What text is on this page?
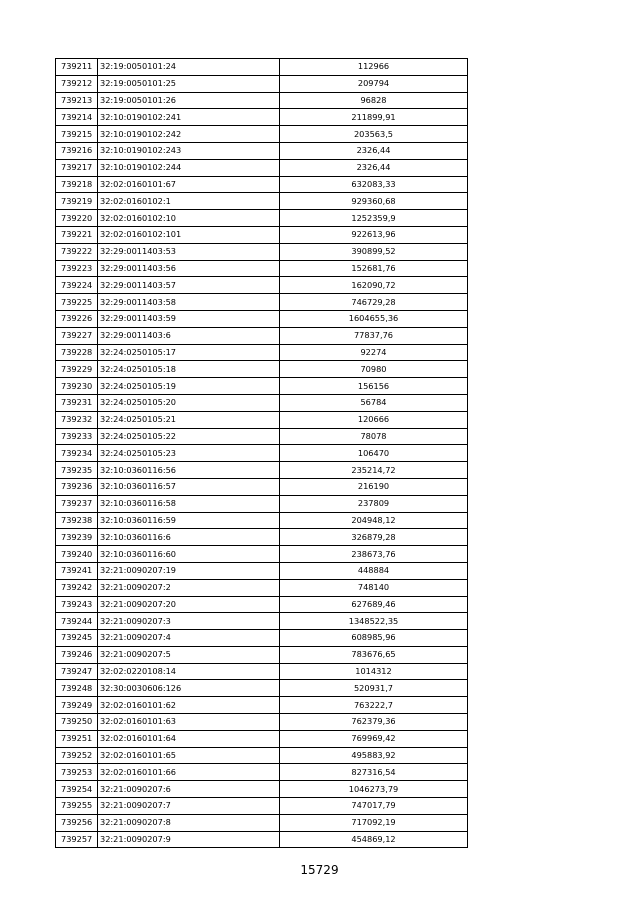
739211	32:19:0050101:24	112966
739212	32:19:0050101:25	209794
739213	32:19:0050101:26	96828
739214	32:10:0190102:241	211899,91
739215	32:10:0190102:242	203563,5
739216	32:10:0190102:243	2326,44
739217	32:10:0190102:244	2326,44
739218	32:02:0160101:67	632083,33
739219	32:02:0160102:1	929360,68
739220	32:02:0160102:10	1252359,9
739221	32:02:0160102:101	922613,96
739222	32:29:0011403:53	390899,52
739223	32:29:0011403:56	152681,76
739224	32:29:0011403:57	162090,72
739225	32:29:0011403:58	746729,28
739226	32:29:0011403:59	1604655,36
739227	32:29:0011403:6	77837,76
739228	32:24:0250105:17	92274
739229	32:24:0250105:18	70980
739230	32:24:0250105:19	156156
739231	32:24:0250105:20	56784
739232	32:24:0250105:21	120666
739233	32:24:0250105:22	78078
739234	32:24:0250105:23	106470
739235	32:10:0360116:56	235214,72
739236	32:10:0360116:57	216190
739237	32:10:0360116:58	237809
739238	32:10:0360116:59	204948,12
739239	32:10:0360116:6	326879,28
739240	32:10:0360116:60	238673,76
739241	32:21:0090207:19	448884
739242	32:21:0090207:2	748140
739243	32:21:0090207:20	627689,46
739244	32:21:0090207:3	1348522,35
739245	32:21:0090207:4	608985,96
739246	32:21:0090207:5	783676,65
739247	32:02:0220108:14	1014312
739248	32:30:0030606:126	520931,7
739249	32:02:0160101:62	763222,7
739250	32:02:0160101:63	762379,36
739251	32:02:0160101:64	769969,42
739252	32:02:0160101:65	495883,92
739253	32:02:0160101:66	827316,54
739254	32:21:0090207:6	1046273,79
739255	32:21:0090207:7	747017,79
739256	32:21:0090207:8	717092,19
739257	32:21:0090207:9	454869,12
15729
